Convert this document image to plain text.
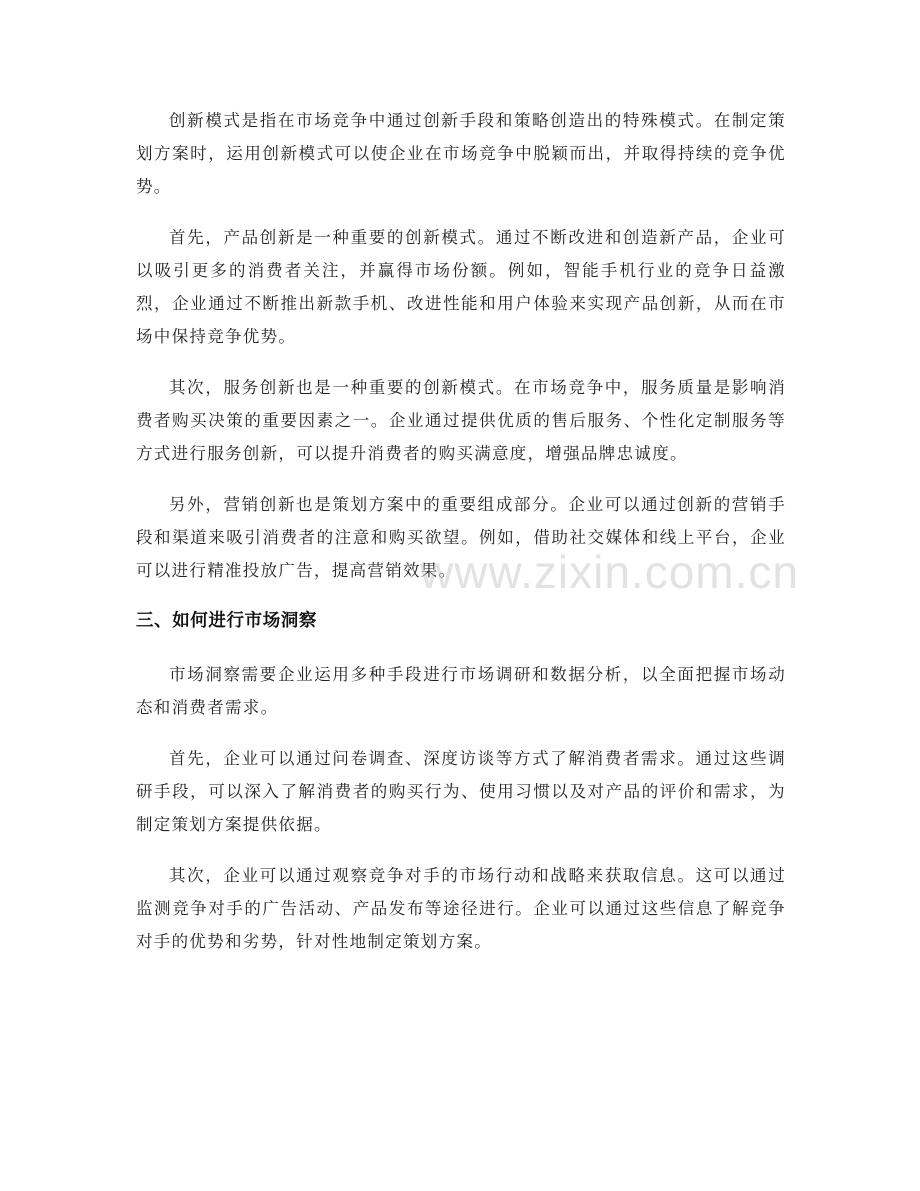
创新模式是指在市场竞争中通过创新手段和策略创造出的特殊模式。在制定策划方案时，运用创新模式可以使企业在市场竞争中脱颖而出，并取得持续的竞争优势。

首先，产品创新是一种重要的创新模式。通过不断改进和创造新产品，企业可以吸引更多的消费者关注，并赢得市场份额。例如，智能手机行业的竞争日益激烈，企业通过不断推出新款手机、改进性能和用户体验来实现产品创新，从而在市场中保持竞争优势。

其次，服务创新也是一种重要的创新模式。在市场竞争中，服务质量是影响消费者购买决策的重要因素之一。企业通过提供优质的售后服务、个性化定制服务等方式进行服务创新，可以提升消费者的购买满意度，增强品牌忠诚度。

另外，营销创新也是策划方案中的重要组成部分。企业可以通过创新的营销手段和渠道来吸引消费者的注意和购买欲望。例如，借助社交媒体和线上平台，企业可以进行精准投放广告，提高营销效果。

三、如何进行市场洞察

市场洞察需要企业运用多种手段进行市场调研和数据分析，以全面把握市场动态和消费者需求。

首先，企业可以通过问卷调查、深度访谈等方式了解消费者需求。通过这些调研手段，可以深入了解消费者的购买行为、使用习惯以及对产品的评价和需求，为制定策划方案提供依据。

其次，企业可以通过观察竞争对手的市场行动和战略来获取信息。这可以通过监测竞争对手的广告活动、产品发布等途径进行。企业可以通过这些信息了解竞争对手的优势和劣势，针对性地制定策划方案。

www.zixin.com.cn
